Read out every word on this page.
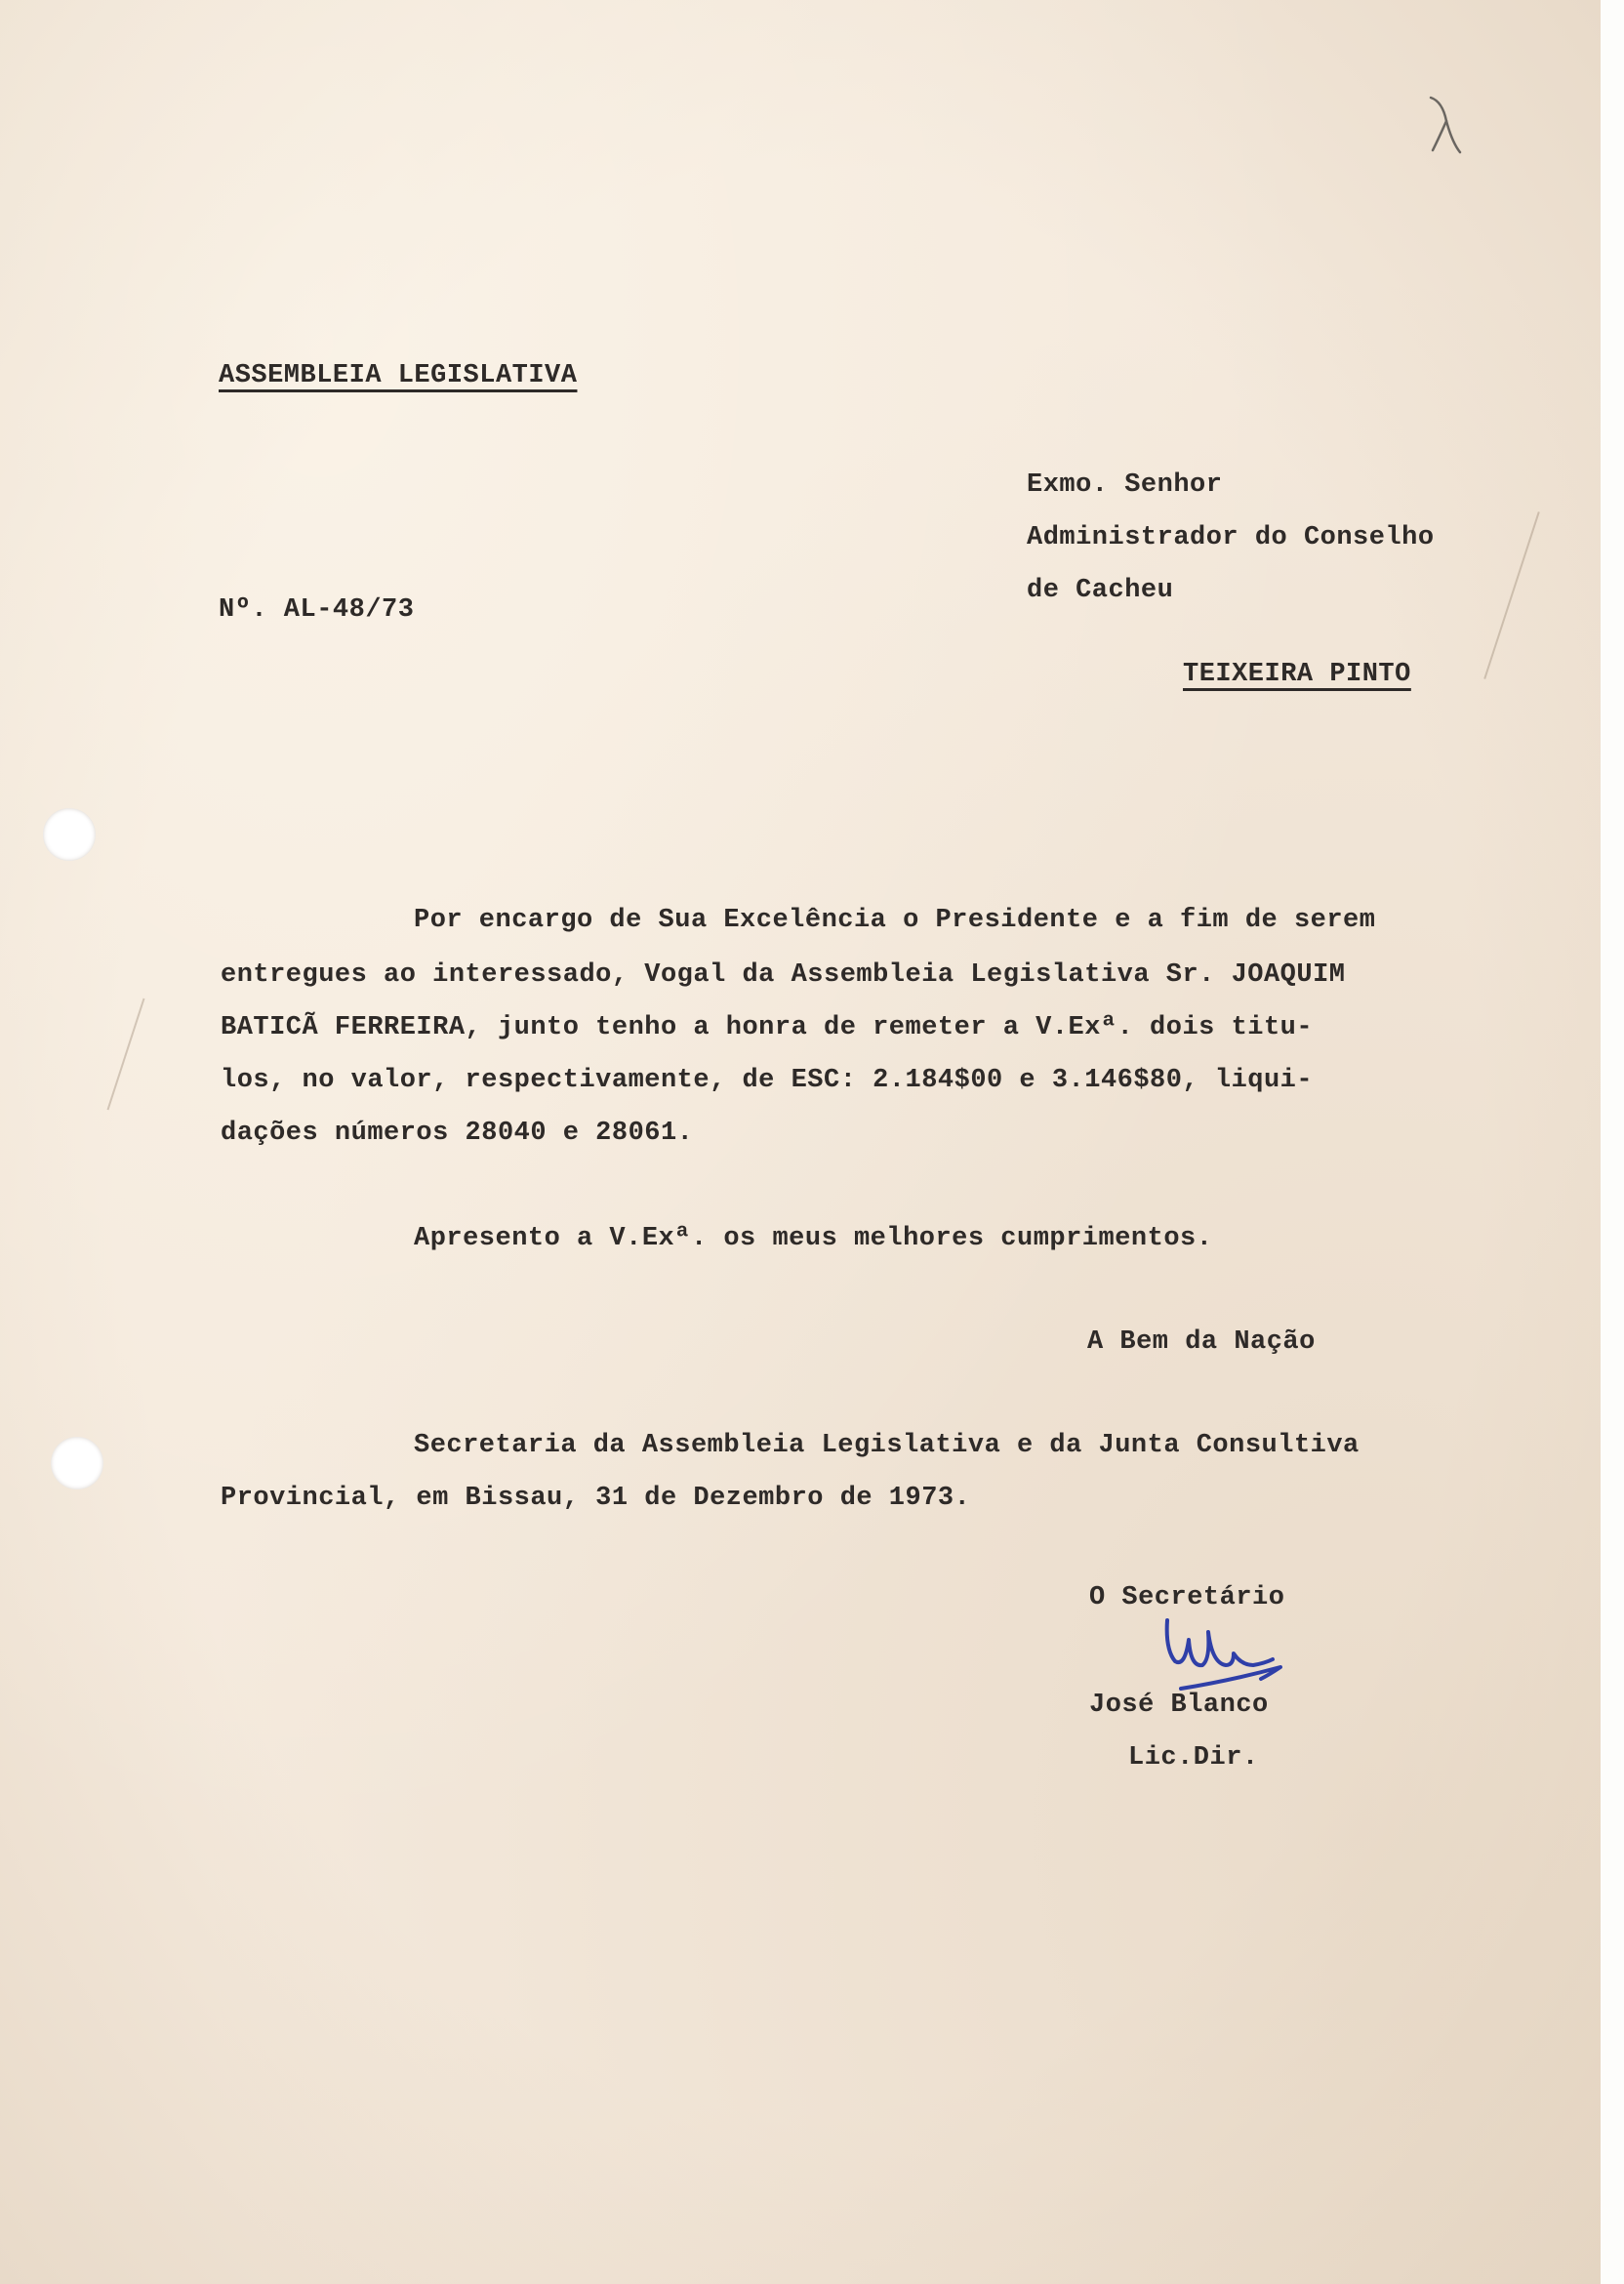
ASSEMBLEIA LEGISLATIVA
Exmo. Senhor
Administrador do Conselho
de Cacheu
Nº. AL-48/73
TEIXEIRA PINTO
Por encargo de Sua Excelência o Presidente e a fim de serem
entregues ao interessado, Vogal da Assembleia Legislativa Sr. JOAQUIM
BATICÃ FERREIRA, junto tenho a honra de remeter a V.Exª. dois titu-
los, no valor, respectivamente, de ESC: 2.184$00 e 3.146$80, liqui-
dações números 28040 e 28061.
Apresento a V.Exª. os meus melhores cumprimentos.
A Bem da Nação
Secretaria da Assembleia Legislativa e da Junta Consultiva
Provincial, em Bissau, 31 de Dezembro de 1973.
O Secretário
José Blanco
Lic.Dir.
